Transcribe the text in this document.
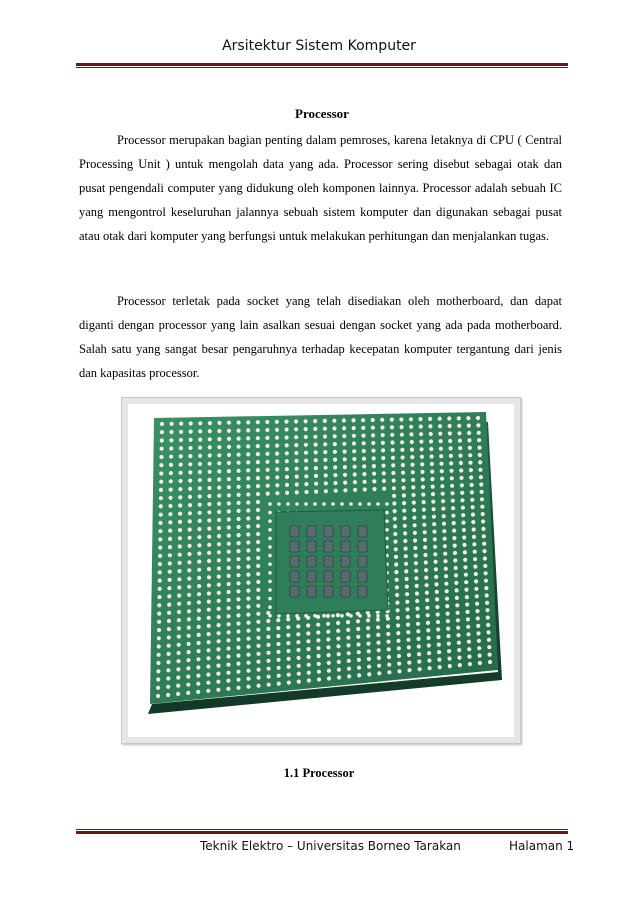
Arsitektur Sistem Komputer
Processor

Processor merupakan bagian penting dalam pemroses, karena letaknya di CPU ( Central Processing Unit ) untuk mengolah data yang ada. Processor sering disebut sebagai otak dan pusat pengendali computer yang didukung oleh komponen lainnya. Processor adalah sebuah IC yang mengontrol keseluruhan jalannya sebuah sistem komputer dan digunakan sebagai pusat atau otak dari komputer yang berfungsi untuk melakukan perhitungan dan menjalankan tugas.

Processor terletak pada socket yang telah disediakan oleh motherboard, dan dapat diganti dengan processor yang lain asalkan sesuai dengan socket yang ada pada motherboard. Salah satu yang sangat besar pengaruhnya terhadap kecepatan komputer tergantung dari jenis dan kapasitas processor.

1.1 Processor
Teknik Elektro – Universitas Borneo Tarakan	Halaman 1
